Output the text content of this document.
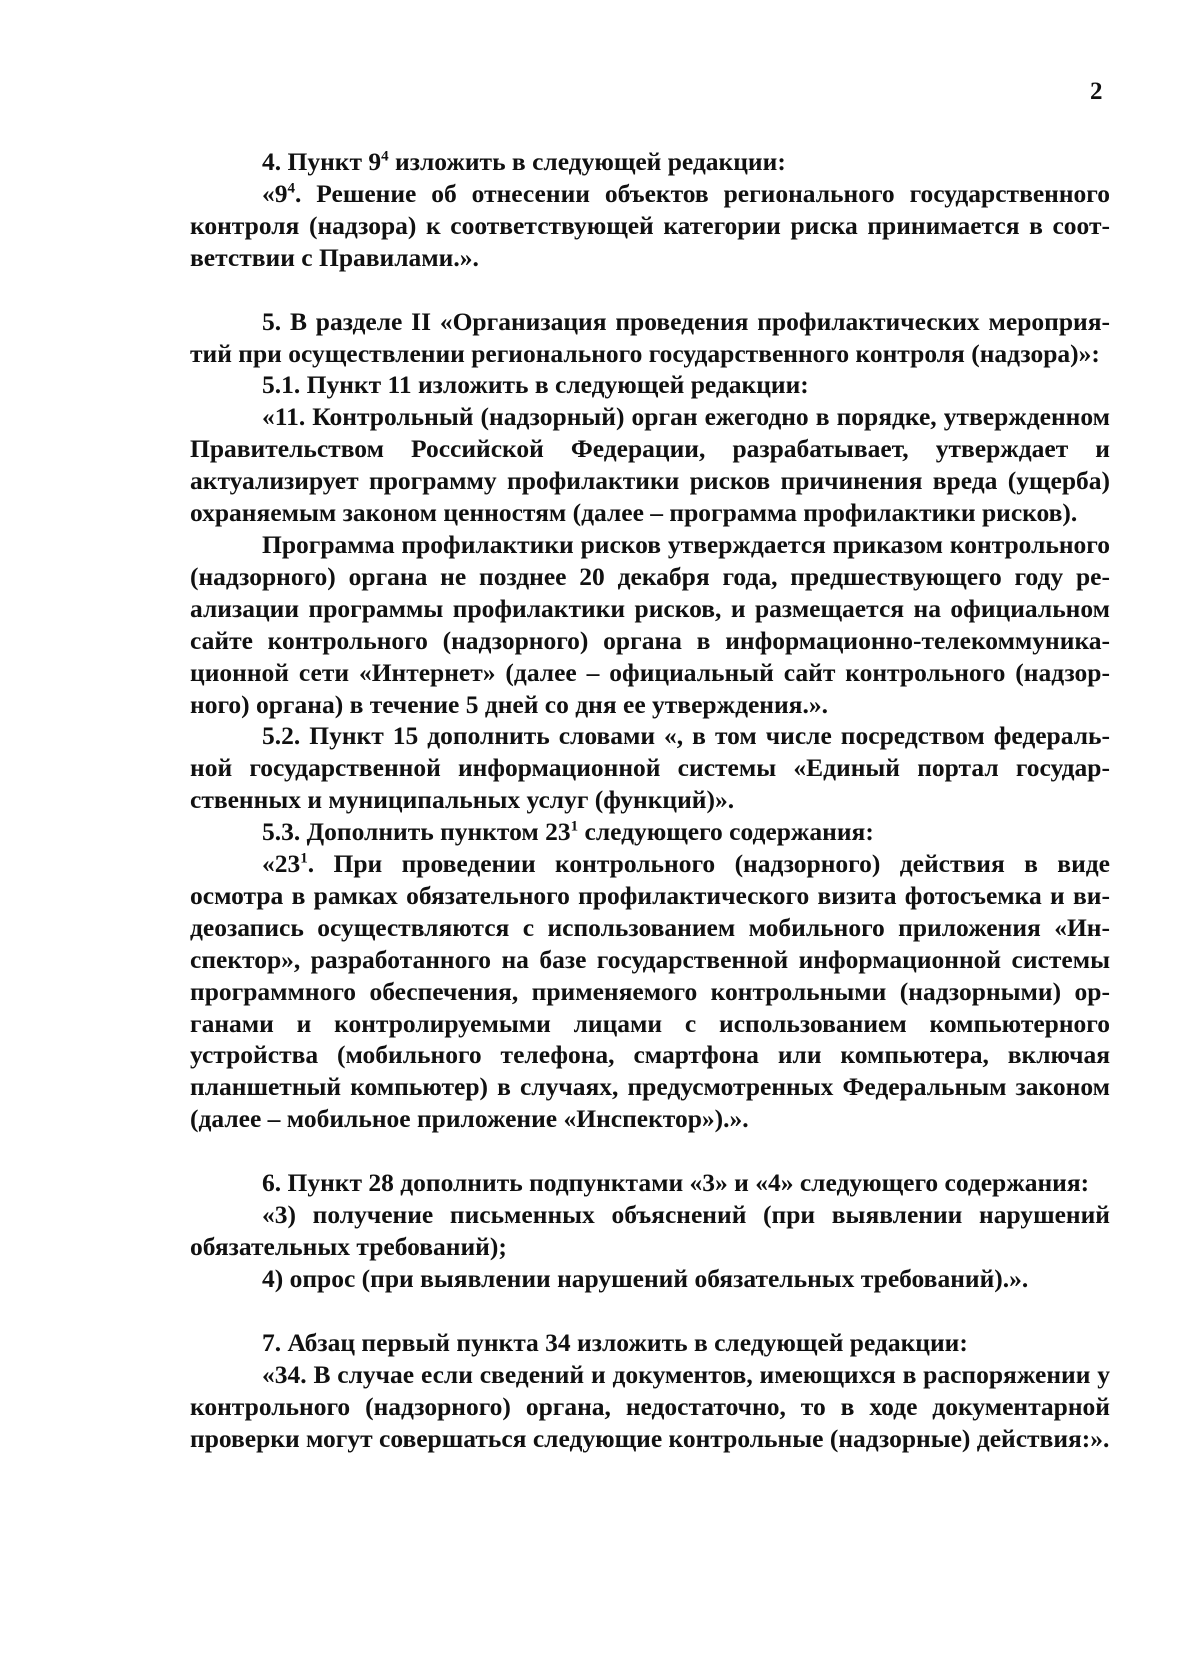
2

4. Пункт $9^4$ изложить в следующей редакции:

«$9^4$. Решение об отнесении объектов регионального государственного контроля (надзора) к соответствующей категории риска принимается в соответствии с Правилами.».

5. В разделе II «Организация проведения профилактических мероприятий при осуществлении регионального государственного контроля (надзора)»:

5.1. Пункт 11 изложить в следующей редакции:

«11. Контрольный (надзорный) орган ежегодно в порядке, утвержденном Правительством Российской Федерации, разрабатывает, утверждает и актуализирует программу профилактики рисков причинения вреда (ущерба) охраняемым законом ценностям (далее – программа профилактики рисков).

Программа профилактики рисков утверждается приказом контрольного (надзорного) органа не позднее 20 декабря года, предшествующего году реализации программы профилактики рисков, и размещается на официальном сайте контрольного (надзорного) органа в информационно-телекоммуникационной сети «Интернет» (далее – официальный сайт контрольного (надзорного) органа) в течение 5 дней со дня ее утверждения.».

5.2. Пункт 15 дополнить словами «, в том числе посредством федеральной государственной информационной системы «Единый портал государственных и муниципальных услуг (функций)».

5.3. Дополнить пунктом $23^1$ следующего содержания:

«$23^1$. При проведении контрольного (надзорного) действия в виде осмотра в рамках обязательного профилактического визита фотосъемка и видеозапись осуществляются с использованием мобильного приложения «Инспектор», разработанного на базе государственной информационной системы программного обеспечения, применяемого контрольными (надзорными) органами и контролируемыми лицами с использованием компьютерного устройства (мобильного телефона, смартфона или компьютера, включая планшетный компьютер) в случаях, предусмотренных Федеральным законом (далее – мобильное приложение «Инспектор»).».

6. Пункт 28 дополнить подпунктами «3» и «4» следующего содержания:

«3) получение письменных объяснений (при выявлении нарушений обязательных требований);

4) опрос (при выявлении нарушений обязательных требований).».

7. Абзац первый пункта 34 изложить в следующей редакции:

«34. В случае если сведений и документов, имеющихся в распоряжении у контрольного (надзорного) органа, недостаточно, то в ходе документарной проверки могут совершаться следующие контрольные (надзорные) действия:».
